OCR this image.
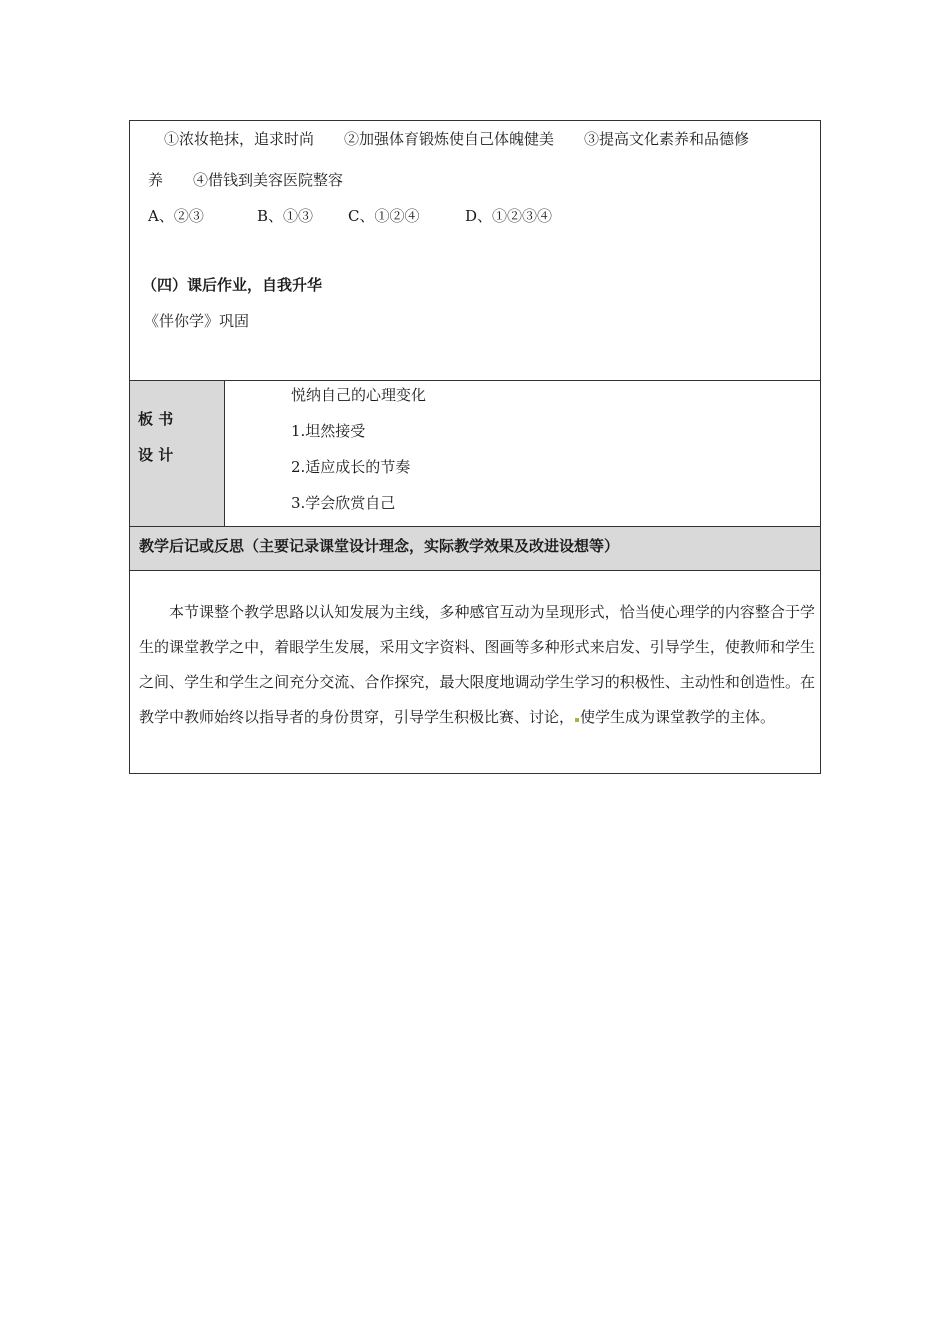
①浓妆艳抹，追求时尚　　②加强体育锻炼使自己体魄健美　　③提高文化素养和品德修
养　　④借钱到美容医院整容
A、②③	B、①③ C、①②④	D、①②③④
（四）课后作业，自我升华
《伴你学》巩固
板 书
设 计
悦纳自己的心理变化
1.坦然接受
2.适应成长的节奏
3.学会欣赏自己
教学后记或反思（主要记录课堂设计理念，实际教学效果及改进设想等）

本节课整个教学思路以认知发展为主线，多种感官互动为呈现形式，恰当使心理学的内容整合于学生的课堂教学之中，着眼学生发展，采用文字资料、图画等多种形式来启发、引导学生，使教师和学生之间、学生和学生之间充分交流、合作探究，最大限度地调动学生学习的积极性、主动性和创造性。在教学中教师始终以指导者的身份贯穿，引导学生积极比赛、讨论， 使学生成为课堂教学的主体。
